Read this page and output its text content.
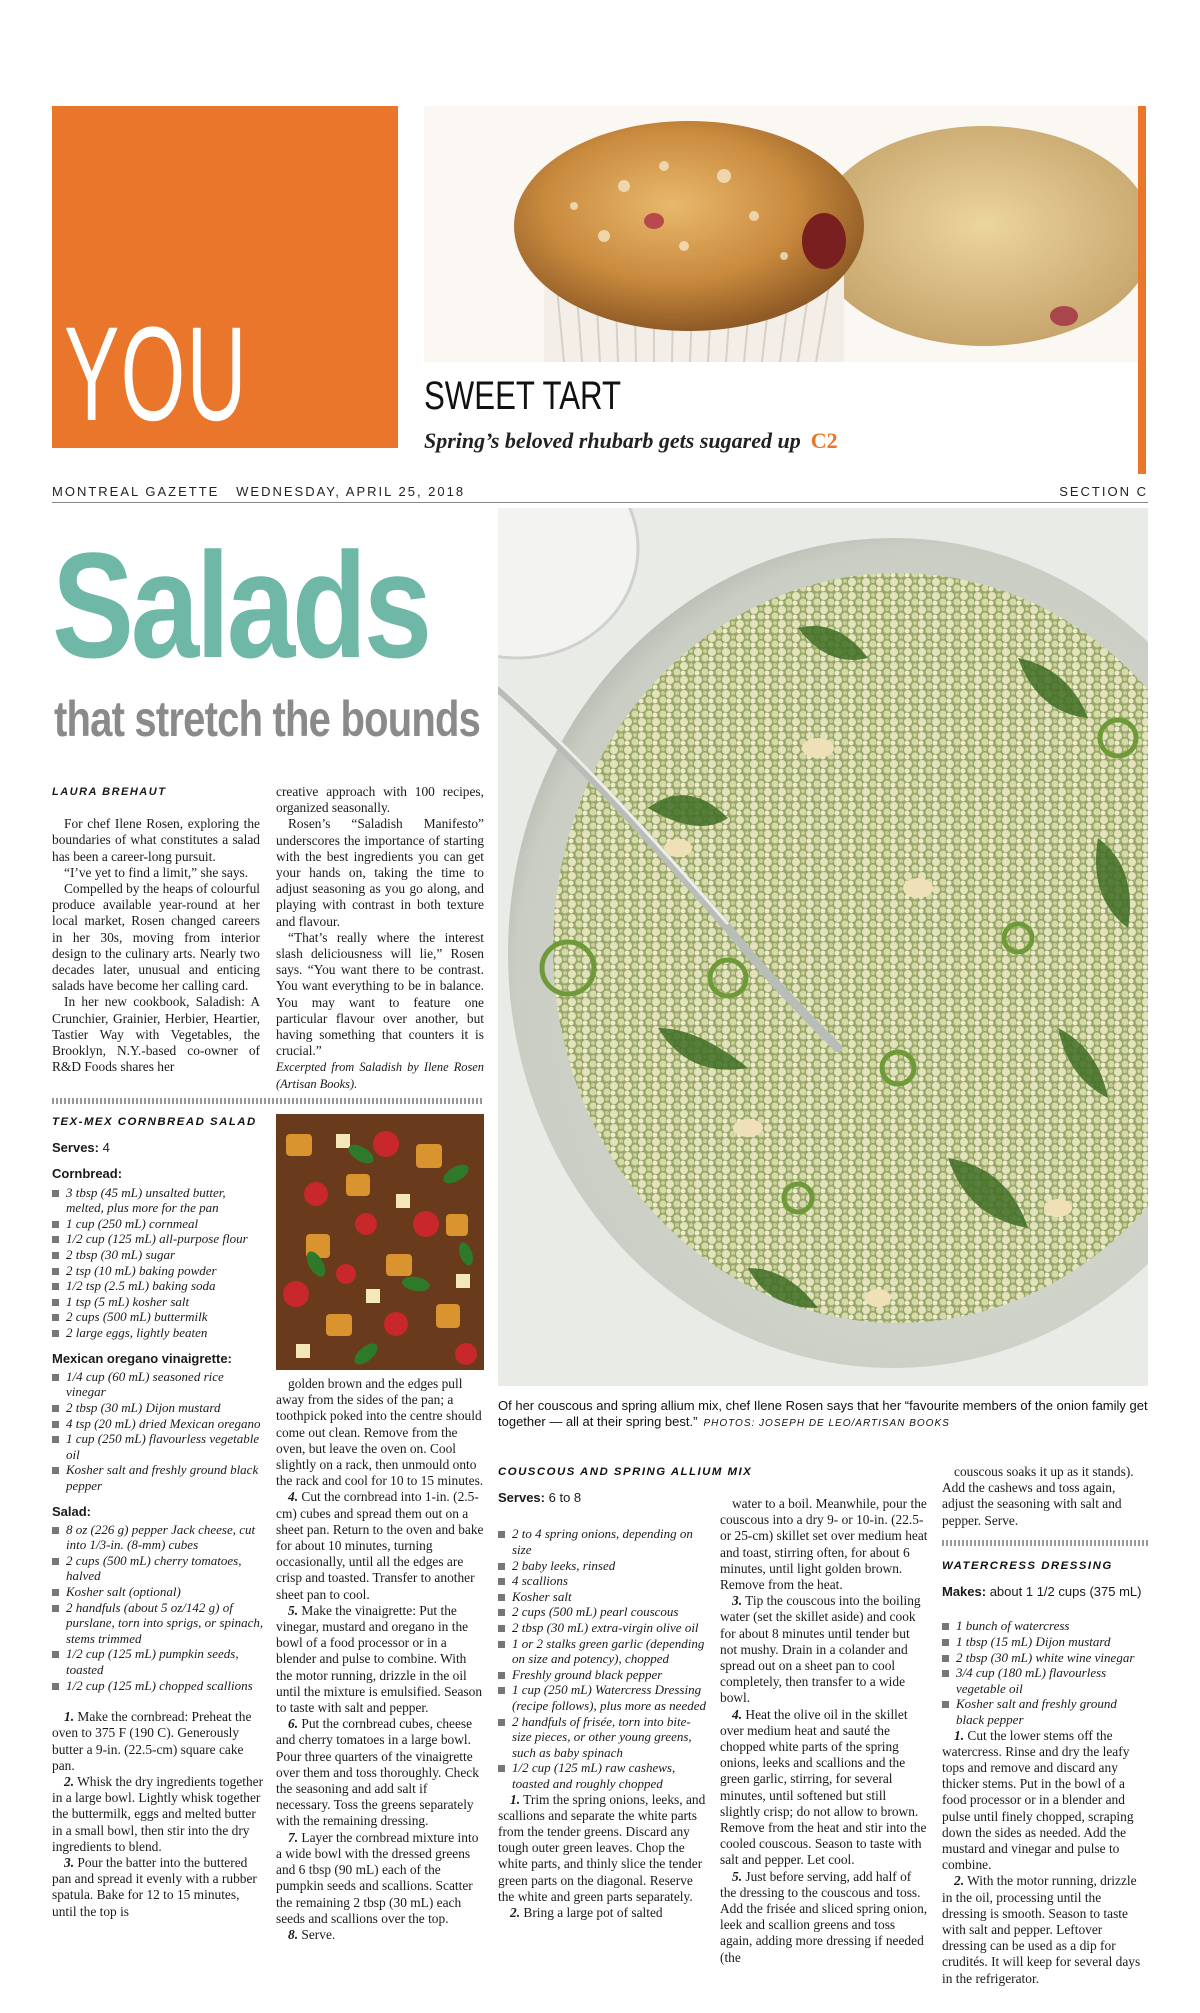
YOU	SWEET TART
Spring’s beloved rhubarb gets sugared up C2
MONTREAL GAZETTE   WEDNESDAY, APRIL 25, 2018	SECTION C
Salads
that stretch the bounds
Of her couscous and spring allium mix, chef Ilene Rosen says that her “favourite members of the onion family get together — all at their spring best.” PHOTOS: JOSEPH DE LEO/ARTISAN BOOKS
LAURA BREHAUT

For chef Ilene Rosen, exploring the boundaries of what constitutes a salad has been a career-long pursuit.

“I’ve yet to find a limit,” she says.

Compelled by the heaps of colourful produce available year-round at her local market, Rosen changed careers in her 30s, moving from interior design to the culinary arts. Nearly two decades later, unusual and enticing salads have become her calling card.

In her new cookbook, Saladish: A Crunchier, Grainier, Herbier, Heartier, Tastier Way with Vegetables, the Brooklyn, N.Y.-based co-owner of R&D Foods shares her

creative approach with 100 recipes, organized seasonally.

Rosen’s “Saladish Manifesto” underscores the importance of starting with the best ingredients you can get your hands on, taking the time to adjust seasoning as you go along, and playing with contrast in both texture and flavour.

“That’s really where the interest slash deliciousness will lie,” Rosen says. “You want there to be contrast. You want everything to be in balance. You may want to feature one particular flavour over another, but having something that counters it is crucial.”

Excerpted from Saladish by Ilene Rosen (Artisan Books).

TEX-MEX CORNBREAD SALAD
Serves: 4
Cornbread:
3 tbsp (45 mL) unsalted butter, melted, plus more for the pan
1 cup (250 mL) cornmeal
1/2 cup (125 mL) all-purpose flour
2 tbsp (30 mL) sugar
2 tsp (10 mL) baking powder
1/2 tsp (2.5 mL) baking soda
1 tsp (5 mL) kosher salt
2 cups (500 mL) buttermilk
2 large eggs, lightly beaten
Mexican oregano vinaigrette:
1/4 cup (60 mL) seasoned rice vinegar
2 tbsp (30 mL) Dijon mustard
4 tsp (20 mL) dried Mexican oregano
1 cup (250 mL) flavourless vegetable oil
Kosher salt and freshly ground black pepper
Salad:
8 oz (226 g) pepper Jack cheese, cut into 1/3-in. (8-mm) cubes
2 cups (500 mL) cherry tomatoes, halved
Kosher salt (optional)
2 handfuls (about 5 oz/142 g) of purslane, torn into sprigs, or spinach, stems trimmed
1/2 cup (125 mL) pumpkin seeds, toasted
1/2 cup (125 mL) chopped scallions

1. Make the cornbread: Preheat the oven to 375 F (190 C). Generously butter a 9-in. (22.5-cm) square cake pan.

2. Whisk the dry ingredients together in a large bowl. Lightly whisk together the buttermilk, eggs and melted butter in a small bowl, then stir into the dry ingredients to blend.

3. Pour the batter into the buttered pan and spread it evenly with a rubber spatula. Bake for 12 to 15 minutes, until the top is

golden brown and the edges pull away from the sides of the pan; a toothpick poked into the centre should come out clean. Remove from the oven, but leave the oven on. Cool slightly on a rack, then unmould onto the rack and cool for 10 to 15 minutes.

4. Cut the cornbread into 1-in. (2.5-cm) cubes and spread them out on a sheet pan. Return to the oven and bake for about 10 minutes, turning occasionally, until all the edges are crisp and toasted. Transfer to another sheet pan to cool.

5. Make the vinaigrette: Put the vinegar, mustard and oregano in the bowl of a food processor or in a blender and pulse to combine. With the motor running, drizzle in the oil until the mixture is emulsified. Season to taste with salt and pepper.

6. Put the cornbread cubes, cheese and cherry tomatoes in a large bowl. Pour three quarters of the vinaigrette over them and toss thoroughly. Check the seasoning and add salt if necessary. Toss the greens separately with the remaining dressing.

7. Layer the cornbread mixture into a wide bowl with the dressed greens and 6 tbsp (90 mL) each of the pumpkin seeds and scallions. Scatter the remaining 2 tbsp (30 mL) each seeds and scallions over the top.

8. Serve.

COUSCOUS AND SPRING ALLIUM MIX
Serves: 6 to 8
2 to 4 spring onions, depending on size
2 baby leeks, rinsed
4 scallions
Kosher salt
2 cups (500 mL) pearl couscous
2 tbsp (30 mL) extra-virgin olive oil
1 or 2 stalks green garlic (depending on size and potency), chopped
Freshly ground black pepper
1 cup (250 mL) Watercress Dressing (recipe follows), plus more as needed
2 handfuls of frisée, torn into bite-size pieces, or other young greens, such as baby spinach
1/2 cup (125 mL) raw cashews, toasted and roughly chopped

1. Trim the spring onions, leeks, and scallions and separate the white parts from the tender greens. Discard any tough outer green leaves. Chop the white parts, and thinly slice the tender green parts on the diagonal. Reserve the white and green parts separately.

2. Bring a large pot of salted

water to a boil. Meanwhile, pour the couscous into a dry 9- or 10-in. (22.5- or 25-cm) skillet set over medium heat and toast, stirring often, for about 6 minutes, until light golden brown. Remove from the heat.

3. Tip the couscous into the boiling water (set the skillet aside) and cook for about 8 minutes until tender but not mushy. Drain in a colander and spread out on a sheet pan to cool completely, then transfer to a wide bowl.

4. Heat the olive oil in the skillet over medium heat and sauté the chopped white parts of the spring onions, leeks and scallions and the green garlic, stirring, for several minutes, until softened but still slightly crisp; do not allow to brown. Remove from the heat and stir into the cooled couscous. Season to taste with salt and pepper. Let cool.

5. Just before serving, add half of the dressing to the couscous and toss. Add the frisée and sliced spring onion, leek and scallion greens and toss again, adding more dressing if needed (the

couscous soaks it up as it stands). Add the cashews and toss again, adjust the seasoning with salt and pepper. Serve.

WATERCRESS DRESSING
Makes: about 1 1/2 cups (375 mL)
1 bunch of watercress
1 tbsp (15 mL) Dijon mustard
2 tbsp (30 mL) white wine vinegar
3/4 cup (180 mL) flavourless vegetable oil
Kosher salt and freshly ground black pepper

1. Cut the lower stems off the watercress. Rinse and dry the leafy tops and remove and discard any thicker stems. Put in the bowl of a food processor or in a blender and pulse until finely chopped, scraping down the sides as needed. Add the mustard and vinegar and pulse to combine.

2. With the motor running, drizzle in the oil, processing until the dressing is smooth. Season to taste with salt and pepper. Leftover dressing can be used as a dip for crudités. It will keep for several days in the refrigerator.
